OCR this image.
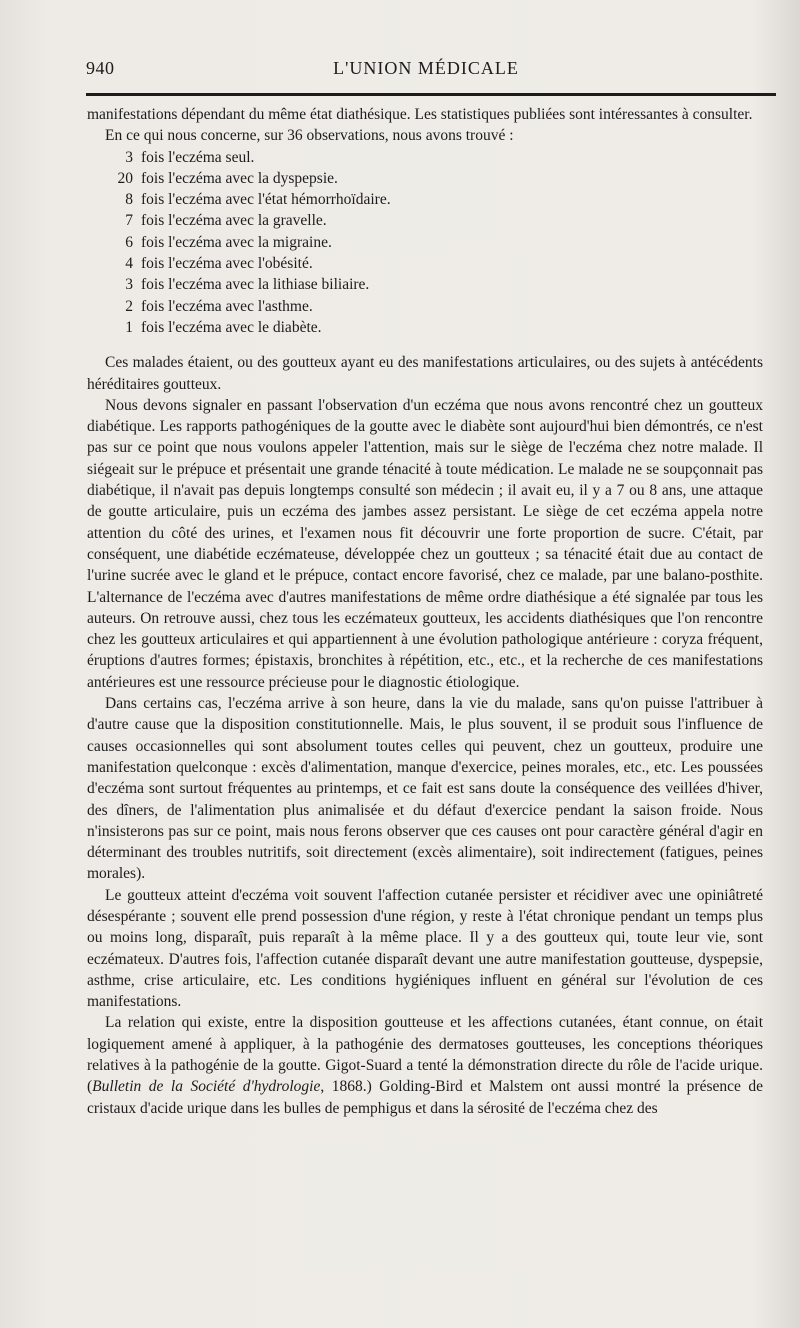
940	L'UNION MÉDICALE

manifestations dépendant du même état diathésique. Les statistiques publiées sont intéressantes à consulter.

En ce qui nous concerne, sur 36 observations, nous avons trouvé :

3 fois l'eczéma seul.
20 fois l'eczéma avec la dyspepsie.
8 fois l'eczéma avec l'état hémorrhoïdaire.
7 fois l'eczéma avec la gravelle.
6 fois l'eczéma avec la migraine.
4 fois l'eczéma avec l'obésité.
3 fois l'eczéma avec la lithiase biliaire.
2 fois l'eczéma avec l'asthme.
1 fois l'eczéma avec le diabète.

Ces malades étaient, ou des goutteux ayant eu des manifestations articulaires, ou des sujets à antécédents héréditaires goutteux.

Nous devons signaler en passant l'observation d'un eczéma que nous avons rencontré chez un goutteux diabétique. Les rapports pathogéniques de la goutte avec le diabète sont aujourd'hui bien démontrés, ce n'est pas sur ce point que nous voulons appeler l'attention, mais sur le siège de l'eczéma chez notre malade. Il siégeait sur le prépuce et présentait une grande ténacité à toute médication. Le malade ne se soupçonnait pas diabétique, il n'avait pas depuis longtemps consulté son médecin ; il avait eu, il y a 7 ou 8 ans, une attaque de goutte articulaire, puis un eczéma des jambes assez persistant. Le siège de cet eczéma appela notre attention du côté des urines, et l'examen nous fit découvrir une forte proportion de sucre. C'était, par conséquent, une diabétide eczémateuse, développée chez un goutteux ; sa ténacité était due au contact de l'urine sucrée avec le gland et le prépuce, contact encore favorisé, chez ce malade, par une balano-posthite. L'alternance de l'eczéma avec d'autres manifestations de même ordre diathésique a été signalée par tous les auteurs. On retrouve aussi, chez tous les eczémateux goutteux, les accidents diathésiques que l'on rencontre chez les goutteux articulaires et qui appartiennent à une évolution pathologique antérieure : coryza fréquent, éruptions d'autres formes; épistaxis, bronchites à répétition, etc., etc., et la recherche de ces manifestations antérieures est une ressource précieuse pour le diagnostic étiologique.

Dans certains cas, l'eczéma arrive à son heure, dans la vie du malade, sans qu'on puisse l'attribuer à d'autre cause que la disposition constitutionnelle. Mais, le plus souvent, il se produit sous l'influence de causes occasionnelles qui sont absolument toutes celles qui peuvent, chez un goutteux, produire une manifestation quelconque : excès d'alimentation, manque d'exercice, peines morales, etc., etc. Les poussées d'eczéma sont surtout fréquentes au printemps, et ce fait est sans doute la conséquence des veillées d'hiver, des dîners, de l'alimentation plus animalisée et du défaut d'exercice pendant la saison froide. Nous n'insisterons pas sur ce point, mais nous ferons observer que ces causes ont pour caractère général d'agir en déterminant des troubles nutritifs, soit directement (excès alimentaire), soit indirectement (fatigues, peines morales).

Le goutteux atteint d'eczéma voit souvent l'affection cutanée persister et récidiver avec une opiniâtreté désespérante ; souvent elle prend possession d'une région, y reste à l'état chronique pendant un temps plus ou moins long, disparaît, puis reparaît à la même place. Il y a des goutteux qui, toute leur vie, sont eczémateux. D'autres fois, l'affection cutanée disparaît devant une autre manifestation goutteuse, dyspepsie, asthme, crise articulaire, etc. Les conditions hygiéniques influent en général sur l'évolution de ces manifestations.

La relation qui existe, entre la disposition goutteuse et les affections cutanées, étant connue, on était logiquement amené à appliquer, à la pathogénie des dermatoses goutteuses, les conceptions théoriques relatives à la pathogénie de la goutte. Gigot-Suard a tenté la démonstration directe du rôle de l'acide urique. (Bulletin de la Société d'hydrologie, 1868.) Golding-Bird et Malstem ont aussi montré la présence de cristaux d'acide urique dans les bulles de pemphigus et dans la sérosité de l'eczéma chez des
